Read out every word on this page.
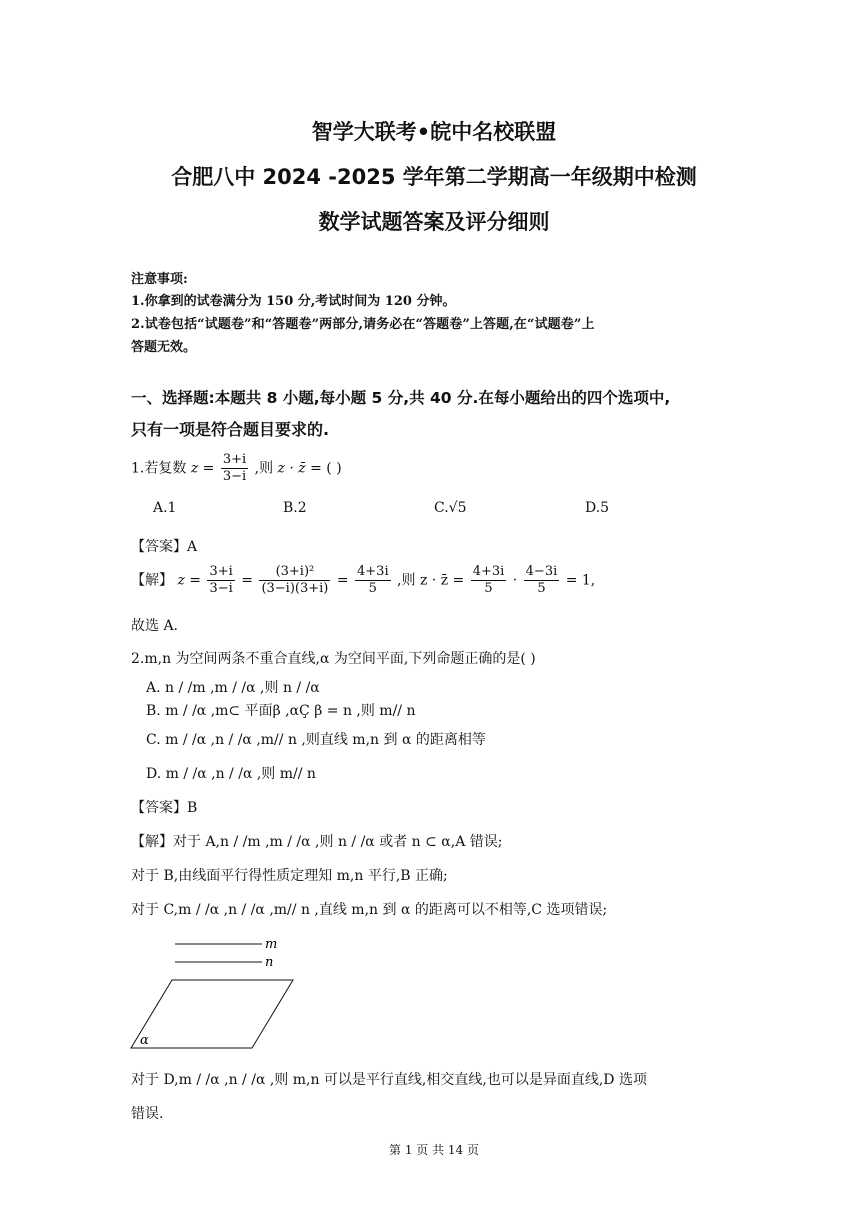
智学大联考•皖中名校联盟
合肥八中 2024 -2025 学年第二学期高一年级期中检测
数学试题答案及评分细则
注意事项:
1.你拿到的试卷满分为 150 分,考试时间为 120 分钟。
2.试卷包括“试题卷”和“答题卷”两部分,请务必在“答题卷”上答题,在“试题卷”上
答题无效。
一、选择题:本题共 8 小题,每小题 5 分,共 40 分.在每小题给出的四个选项中,
只有一项是符合题目要求的.
1.若复数 $z = \frac{3+i}{3-i}$ ,则 z · z̄ = ( )
A.1	B.2	C.√5	D.5
【答案】A
【解】 $z = \frac{3+i}{3-i} = \frac{\text{(3+i)²}}{(3-i)(3+i)} = \frac{4+3i}{5}$ ,则 z · z̄ = $\frac{4+3i}{5} \cdot \frac{4-3i}{5} = 1$,
故选 A.
2.m,n 为空间两条不重合直线,α 为空间平面,下列命题正确的是( )
A. n / /m ,m / /α ,则 n / /α
B. m / /α ,m⊂ 平面β ,αÇ β = n ,则 m// n
C. m / /α ,n / /α ,m// n ,则直线 m,n 到 α 的距离相等
D. m / /α ,n / /α ,则 m// n
【答案】B
【解】对于 A,n / /m ,m / /α ,则 n / /α 或者 n ⊂ α,A 错误;
对于 B,由线面平行得性质定理知 m,n 平行,B 正确;
对于 C,m / /α ,n / /α ,m// n ,直线 m,n 到 α 的距离可以不相等,C 选项错误;
m
n
α
对于 D,m / /α ,n / /α ,则 m,n 可以是平行直线,相交直线,也可以是异面直线,D 选项
错误.
第 1 页 共 14 页
